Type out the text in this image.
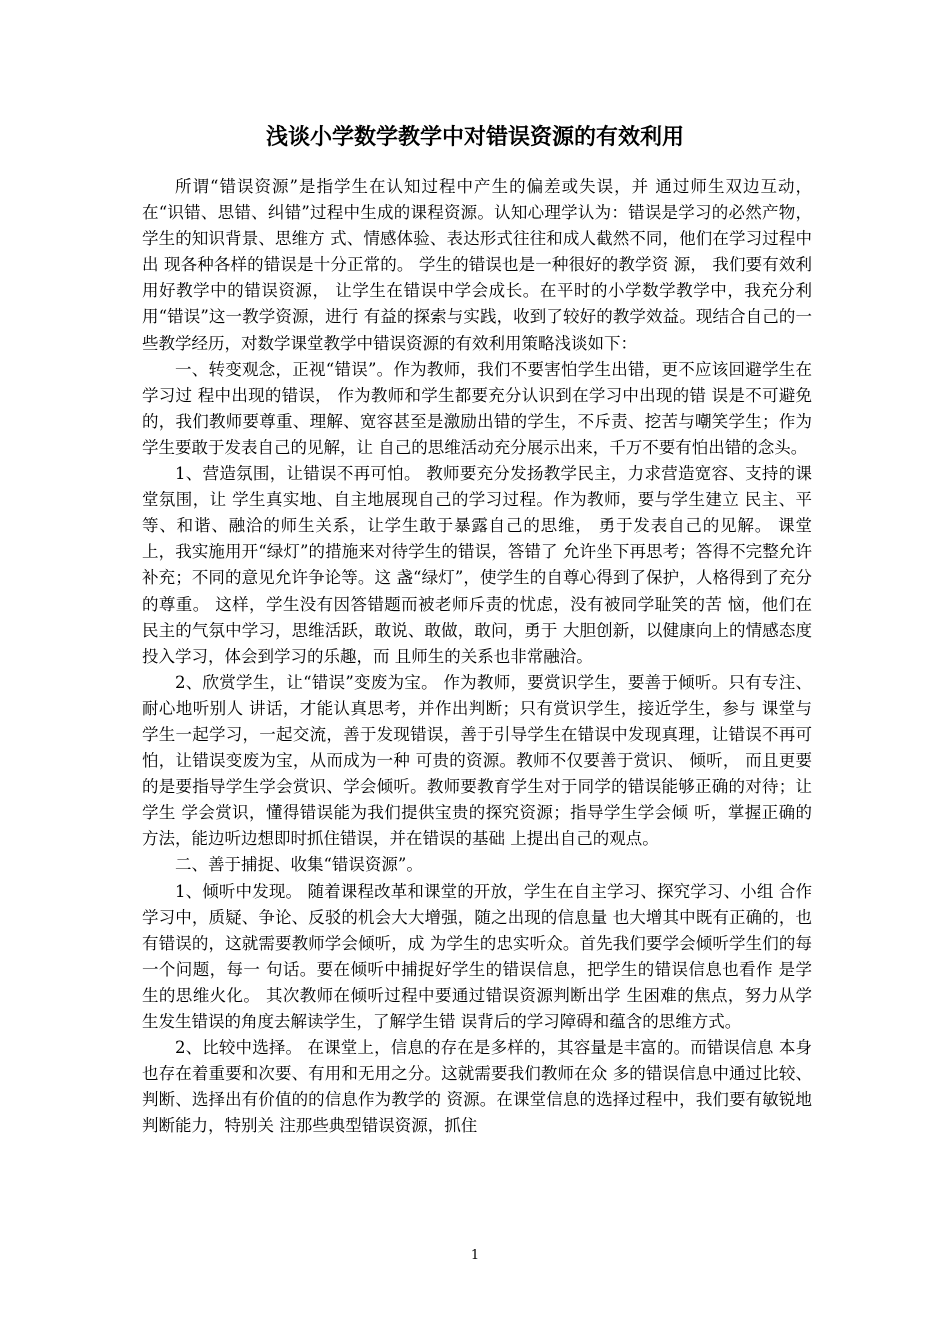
浅谈小学数学教学中对错误资源的有效利用

所谓“错误资源”是指学生在认知过程中产生的偏差或失误，并 通过师生双边互动，在“识错、思错、纠错”过程中生成的课程资源。认知心理学认为：错误是学习的必然产物，学生的知识背景、思维方 式、情感体验、表达形式往往和成人截然不同，他们在学习过程中出 现各种各样的错误是十分正常的。 学生的错误也是一种很好的教学资 源， 我们要有效利用好教学中的错误资源， 让学生在错误中学会成长。在平时的小学数学教学中，我充分利用“错误”这一教学资源，进行 有益的探索与实践，收到了较好的教学效益。现结合自己的一些教学经历，对数学课堂教学中错误资源的有效利用策略浅谈如下：

一、转变观念，正视“错误”。作为教师，我们不要害怕学生出错，更不应该回避学生在学习过 程中出现的错误， 作为教师和学生都要充分认识到在学习中出现的错 误是不可避免的，我们教师要尊重、理解、宽容甚至是激励出错的学生，不斥责、挖苦与嘲笑学生；作为学生要敢于发表自己的见解，让 自己的思维活动充分展示出来，千万不要有怕出错的念头。

1、营造氛围，让错误不再可怕。 教师要充分发扬教学民主，力求营造宽容、支持的课堂氛围，让 学生真实地、自主地展现自己的学习过程。作为教师，要与学生建立 民主、平等、和谐、融洽的师生关系，让学生敢于暴露自己的思维， 勇于发表自己的见解。 课堂上，我实施用开“绿灯”的措施来对待学生的错误，答错了 允许坐下再思考；答得不完整允许补充；不同的意见允许争论等。这 盏“绿灯”，使学生的自尊心得到了保护，人格得到了充分的尊重。 这样，学生没有因答错题而被老师斥责的忧虑，没有被同学耻笑的苦 恼，他们在民主的气氛中学习，思维活跃，敢说、敢做，敢问，勇于 大胆创新，以健康向上的情感态度投入学习，体会到学习的乐趣，而 且师生的关系也非常融洽。

2、欣赏学生，让“错误”变废为宝。 作为教师，要赏识学生，要善于倾听。只有专注、耐心地听别人 讲话，才能认真思考，并作出判断；只有赏识学生，接近学生，参与 课堂与学生一起学习，一起交流，善于发现错误，善于引导学生在错误中发现真理，让错误不再可怕，让错误变废为宝，从而成为一种 可贵的资源。教师不仅要善于赏识、 倾听， 而且更要的是要指导学生学会赏识、学会倾听。教师要教育学生对于同学的错误能够正确的对待；让学生 学会赏识，懂得错误能为我们提供宝贵的探究资源；指导学生学会倾 听，掌握正确的方法，能边听边想即时抓住错误，并在错误的基础 上提出自己的观点。

二、善于捕捉、收集“错误资源”。

1、倾听中发现。 随着课程改革和课堂的开放，学生在自主学习、探究学习、小组 合作学习中，质疑、争论、反驳的机会大大增强，随之出现的信息量 也大增其中既有正确的，也有错误的，这就需要教师学会倾听，成 为学生的忠实听众。首先我们要学会倾听学生们的每一个问题，每一 句话。要在倾听中捕捉好学生的错误信息，把学生的错误信息也看作 是学生的思维火化。 其次教师在倾听过程中要通过错误资源判断出学 生困难的焦点，努力从学生发生错误的角度去解读学生，了解学生错 误背后的学习障碍和蕴含的思维方式。

2、比较中选择。 在课堂上，信息的存在是多样的，其容量是丰富的。而错误信息 本身也存在着重要和次要、有用和无用之分。这就需要我们教师在众 多的错误信息中通过比较、判断、选择出有价值的的信息作为教学的 资源。在课堂信息的选择过程中，我们要有敏锐地判断能力，特别关 注那些典型错误资源，抓住

1
